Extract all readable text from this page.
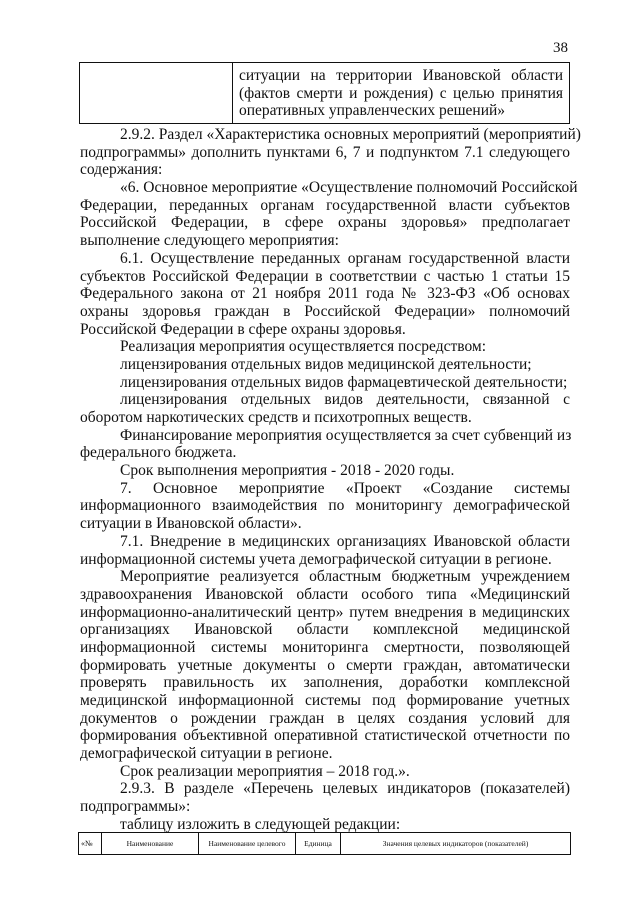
38

ситуации на территории Ивановской области
(фактов смерти и рождения) с целью принятия
оперативных управленческих решений»
2.9.2. Раздел «Характеристика основных мероприятий (мероприятий)
подпрограммы» дополнить пунктами 6, 7 и подпунктом 7.1 следующего
содержания:
«6. Основное мероприятие «Осуществление полномочий Российской
Федерации, переданных органам государственной власти субъектов
Российской Федерации, в сфере охраны здоровья» предполагает
выполнение следующего мероприятия:
6.1. Осуществление переданных органам государственной власти
субъектов Российской Федерации в соответствии с частью 1 статьи 15
Федерального закона от 21 ноября 2011 года № 323-ФЗ «Об основах
охраны здоровья граждан в Российской Федерации» полномочий
Российской Федерации в сфере охраны здоровья.
Реализация мероприятия осуществляется посредством:
лицензирования отдельных видов медицинской деятельности;
лицензирования отдельных видов фармацевтической деятельности;
лицензирования отдельных видов деятельности, связанной с
оборотом наркотических средств и психотропных веществ.
Финансирование мероприятия осуществляется за счет субвенций из
федерального бюджета.
Срок выполнения мероприятия - 2018 - 2020 годы.
7. Основное мероприятие «Проект «Создание системы
информационного взаимодействия по мониторингу демографической
ситуации в Ивановской области».
7.1. Внедрение в медицинских организациях Ивановской области
информационной системы учета демографической ситуации в регионе.
Мероприятие реализуется областным бюджетным учреждением
здравоохранения Ивановской области особого типа «Медицинский
информационно-аналитический центр» путем внедрения в медицинских
организациях Ивановской области комплексной медицинской
информационной системы мониторинга смертности, позволяющей
формировать учетные документы о смерти граждан, автоматически
проверять правильность их заполнения, доработки комплексной
медицинской информационной системы под формирование учетных
документов о рождении граждан в целях создания условий для
формирования объективной оперативной статистической отчетности по
демографической ситуации в регионе.
Срок реализации мероприятия – 2018 год.».
2.9.3. В разделе «Перечень целевых индикаторов (показателей)
подпрограммы»:
таблицу изложить в следующей редакции:
«№	Наименование	Наименование целевого	Единица	Значения целевых индикаторов (показателей)
